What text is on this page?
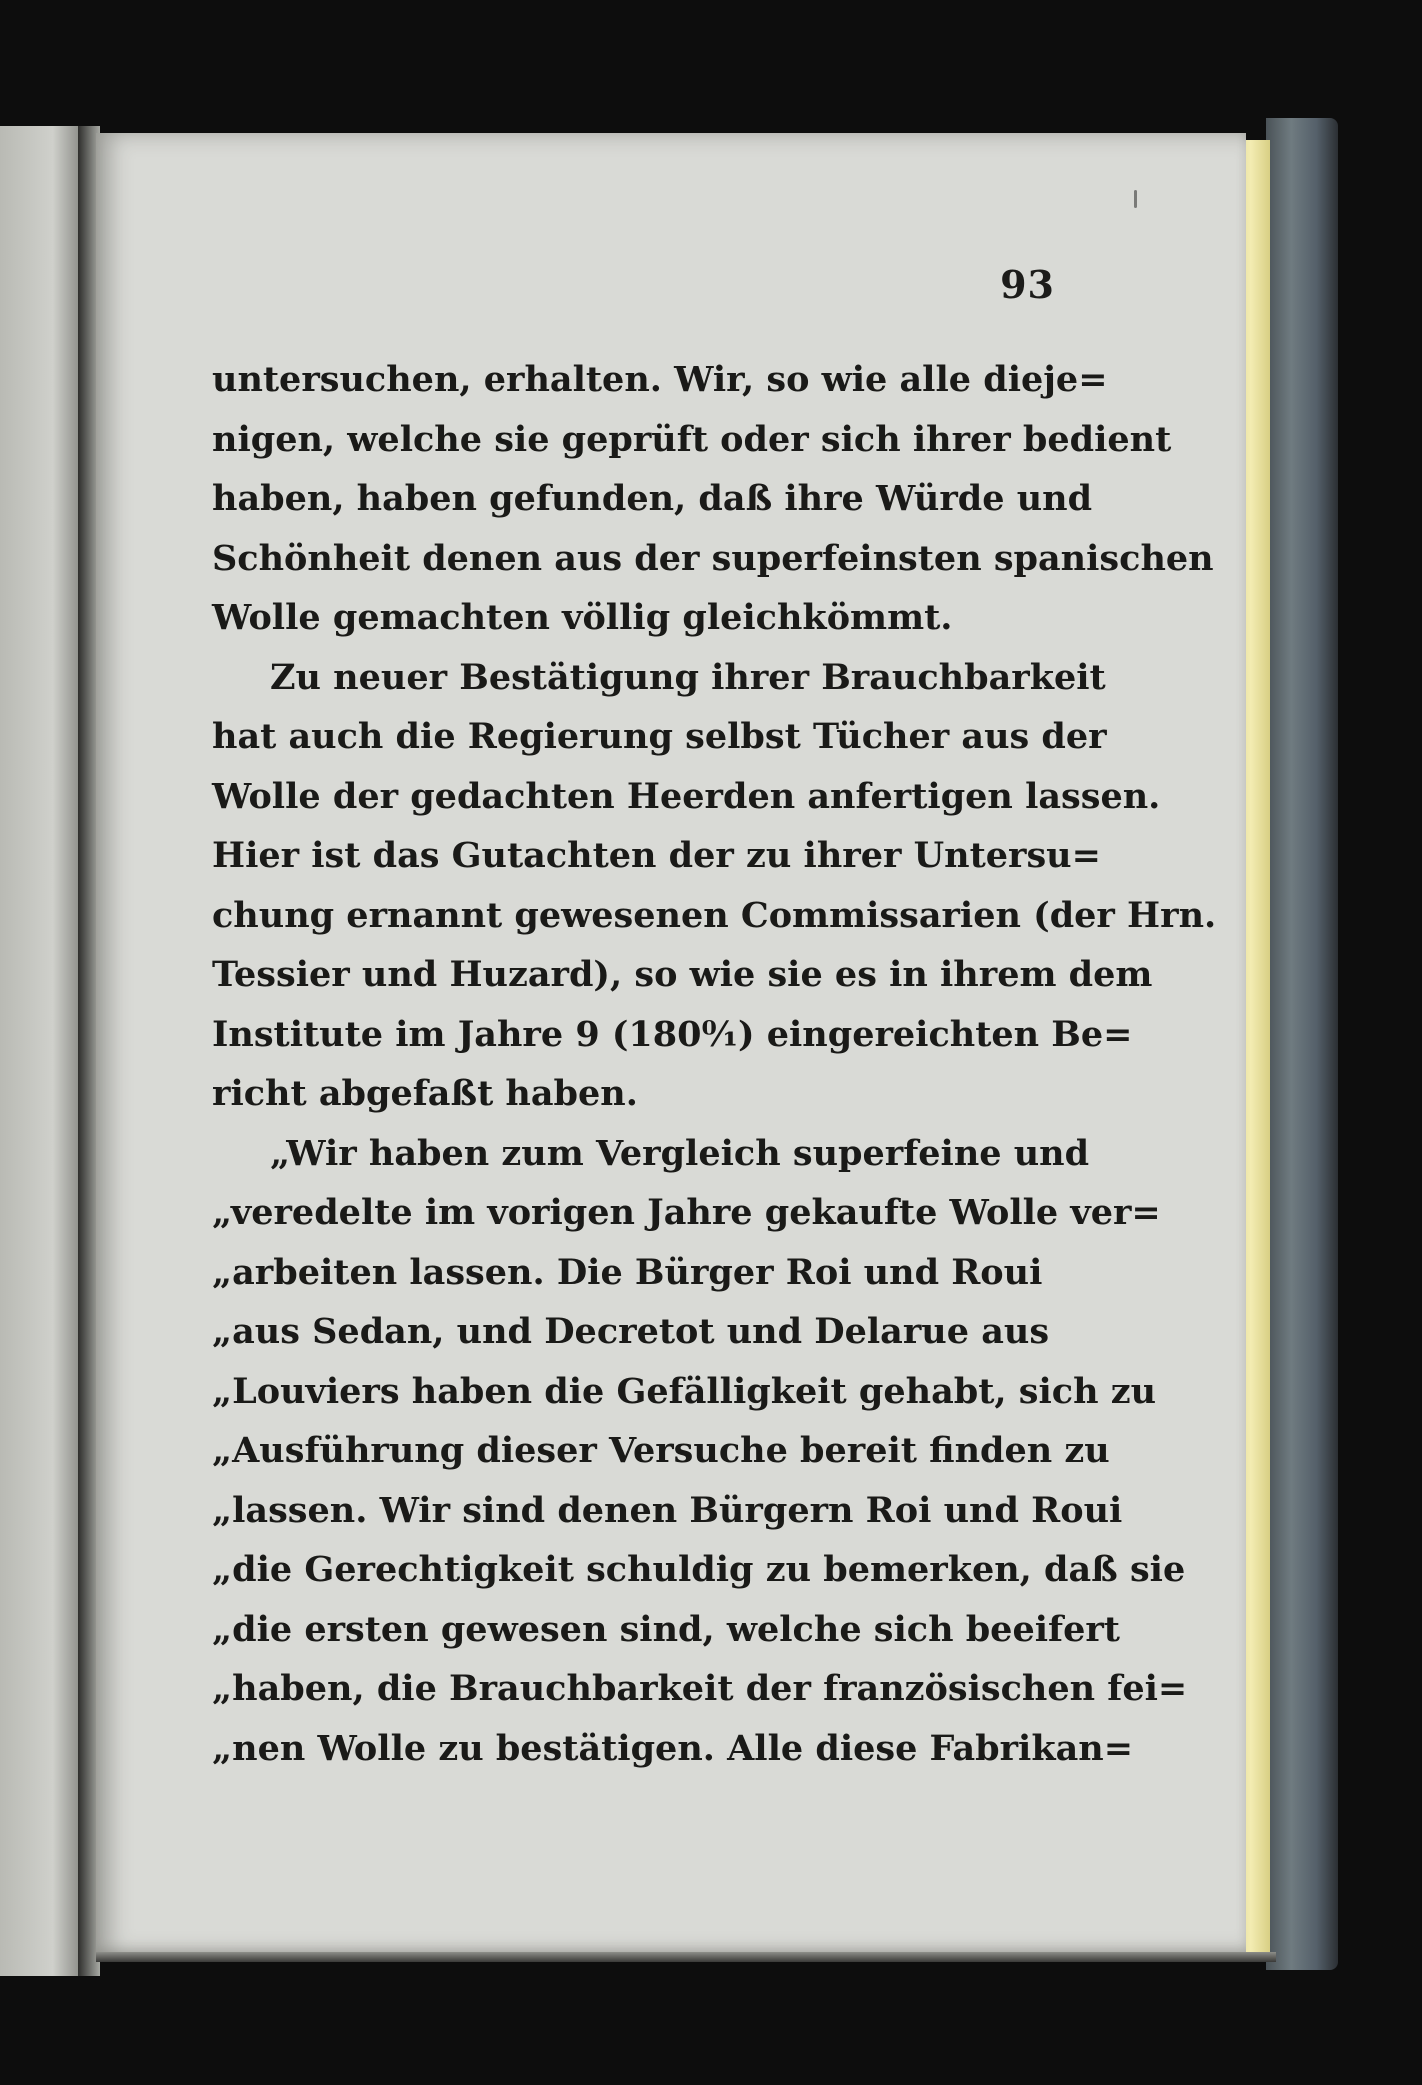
93
untersuchen, erhalten. Wir, so wie alle dieje=
nigen, welche sie geprüft oder sich ihrer bedient
haben, haben gefunden, daß ihre Würde und
Schönheit denen aus der superfeinsten spanischen
Wolle gemachten völlig gleichkömmt.
Zu neuer Bestätigung ihrer Brauchbarkeit
hat auch die Regierung selbst Tücher aus der
Wolle der gedachten Heerden anfertigen lassen.
Hier ist das Gutachten der zu ihrer Untersu=
chung ernannt gewesenen Commissarien (der Hrn.
Tessier und Huzard), so wie sie es in ihrem dem
Institute im Jahre 9 (180⁰⁄₁) eingereichten Be=
richt abgefaßt haben.
„Wir haben zum Vergleich superfeine und
„veredelte im vorigen Jahre gekaufte Wolle ver=
„arbeiten lassen. Die Bürger Roi und Roui
„aus Sedan, und Decretot und Delarue aus
„Louviers haben die Gefälligkeit gehabt, sich zu
„Ausführung dieser Versuche bereit finden zu
„lassen. Wir sind denen Bürgern Roi und Roui
„die Gerechtigkeit schuldig zu bemerken, daß sie
„die ersten gewesen sind, welche sich beeifert
„haben, die Brauchbarkeit der französischen fei=
„nen Wolle zu bestätigen. Alle diese Fabrikan=
